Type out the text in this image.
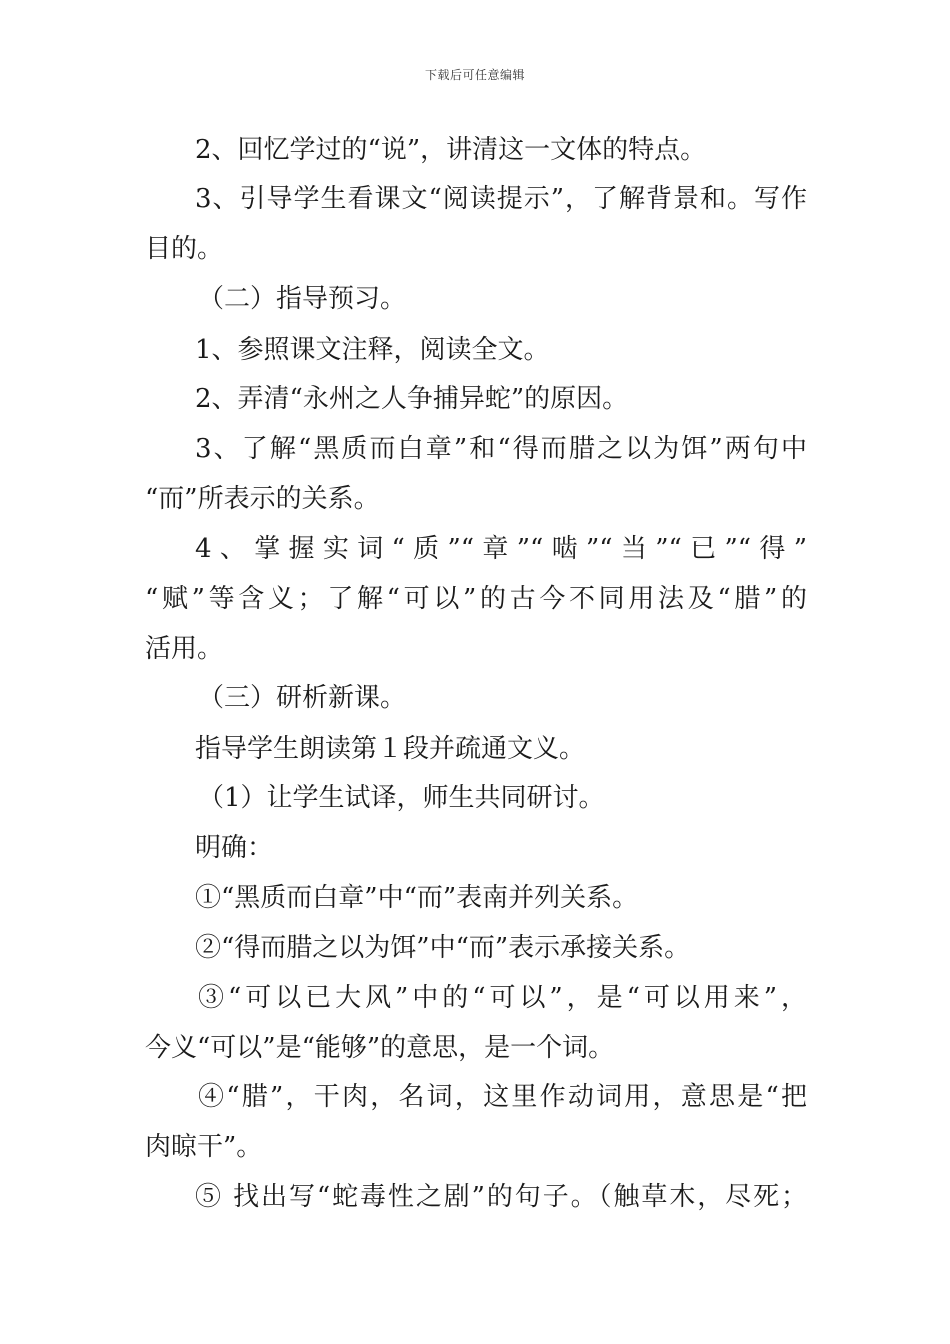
下载后可任意编辑
2、回忆学过的“说”，讲清这一文体的特点。
3、引导学生看课文“阅读提示”，了解背景和。写作
目的。
（二）指导预习。
1、参照课文注释，阅读全文。
2、弄清“永州之人争捕异蛇”的原因。
3、了解“黑质而白章”和“得而腊之以为饵”两句中
“而”所表示的关系。
4、掌握实词“质”“章”“啮”“当”“已”“得”
“赋”等含义；了解“可以”的古今不同用法及“腊”的
活用。
（三）研析新课。
指导学生朗读第１段并疏通文义。
（1）让学生试译，师生共同研讨。
明确：
①“黑质而白章”中“而”表南并列关系。
②“得而腊之以为饵”中“而”表示承接关系。
③“可以已大风”中的“可以”，是“可以用来”，
今义“可以”是“能够”的意思，是一个词。
④“腊”，干肉，名词，这里作动词用，意思是“把
肉晾干”。
⑤ 找出写“蛇毒性之剧”的句子。（触草木，尽死；
